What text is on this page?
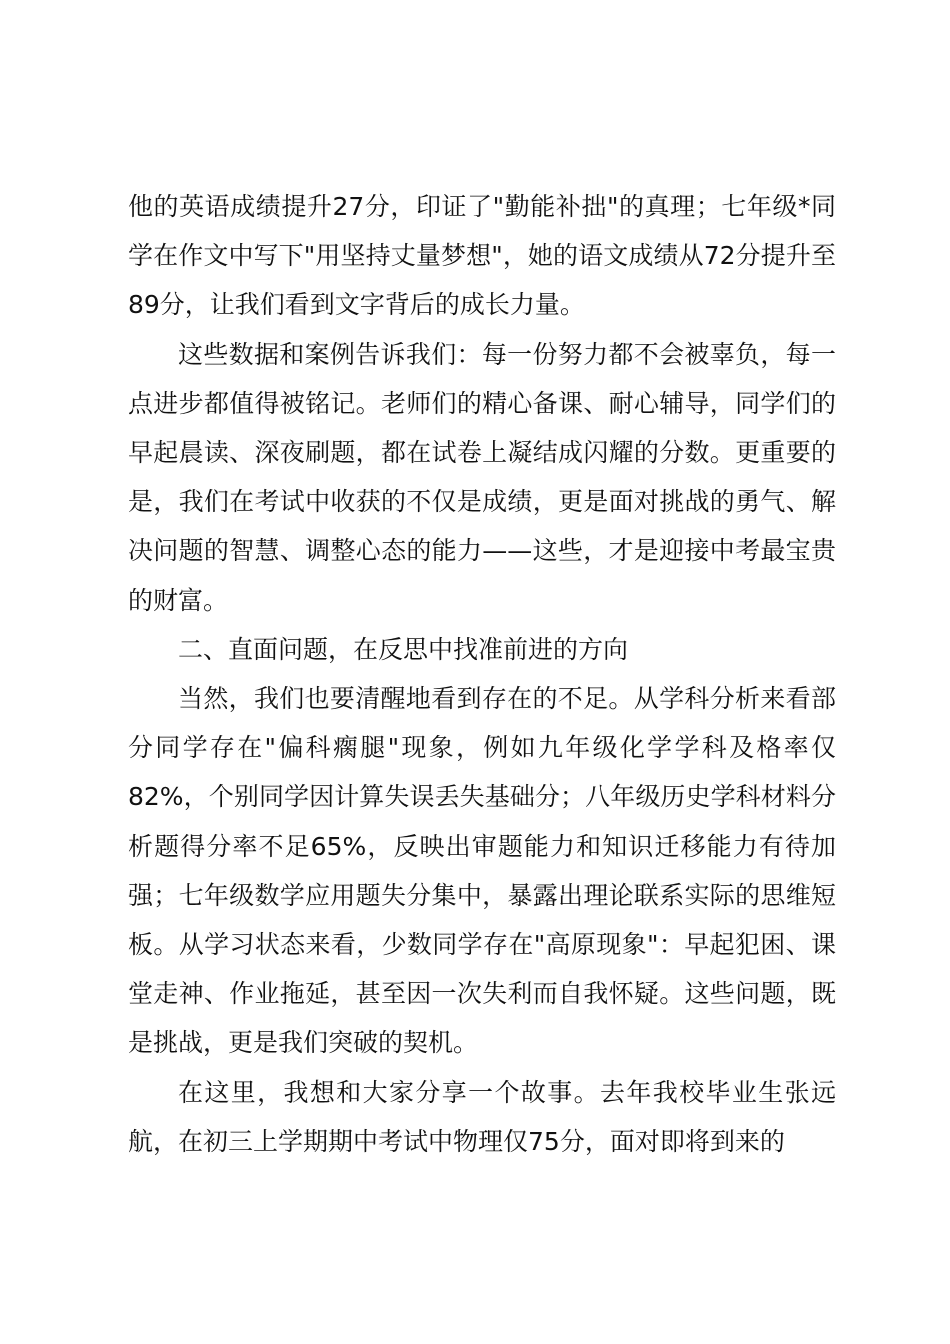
他的英语成绩提升27分，印证了"勤能补拙"的真理；七年级*同学在作文中写下"用坚持丈量梦想"，她的语文成绩从72分提升至89分，让我们看到文字背后的成长力量。

这些数据和案例告诉我们：每一份努力都不会被辜负，每一点进步都值得被铭记。老师们的精心备课、耐心辅导，同学们的早起晨读、深夜刷题，都在试卷上凝结成闪耀的分数。更重要的是，我们在考试中收获的不仅是成绩，更是面对挑战的勇气、解决问题的智慧、调整心态的能力——这些，才是迎接中考最宝贵的财富。

二、直面问题，在反思中找准前进的方向

当然，我们也要清醒地看到存在的不足。从学科分析来看部分同学存在"偏科瘸腿"现象，例如九年级化学学科及格率仅82%，个别同学因计算失误丢失基础分；八年级历史学科材料分析题得分率不足65%，反映出审题能力和知识迁移能力有待加强；七年级数学应用题失分集中，暴露出理论联系实际的思维短板。从学习状态来看，少数同学存在"高原现象"：早起犯困、课堂走神、作业拖延，甚至因一次失利而自我怀疑。这些问题，既是挑战，更是我们突破的契机。

在这里，我想和大家分享一个故事。去年我校毕业生张远航，在初三上学期期中考试中物理仅75分，面对即将到来的
